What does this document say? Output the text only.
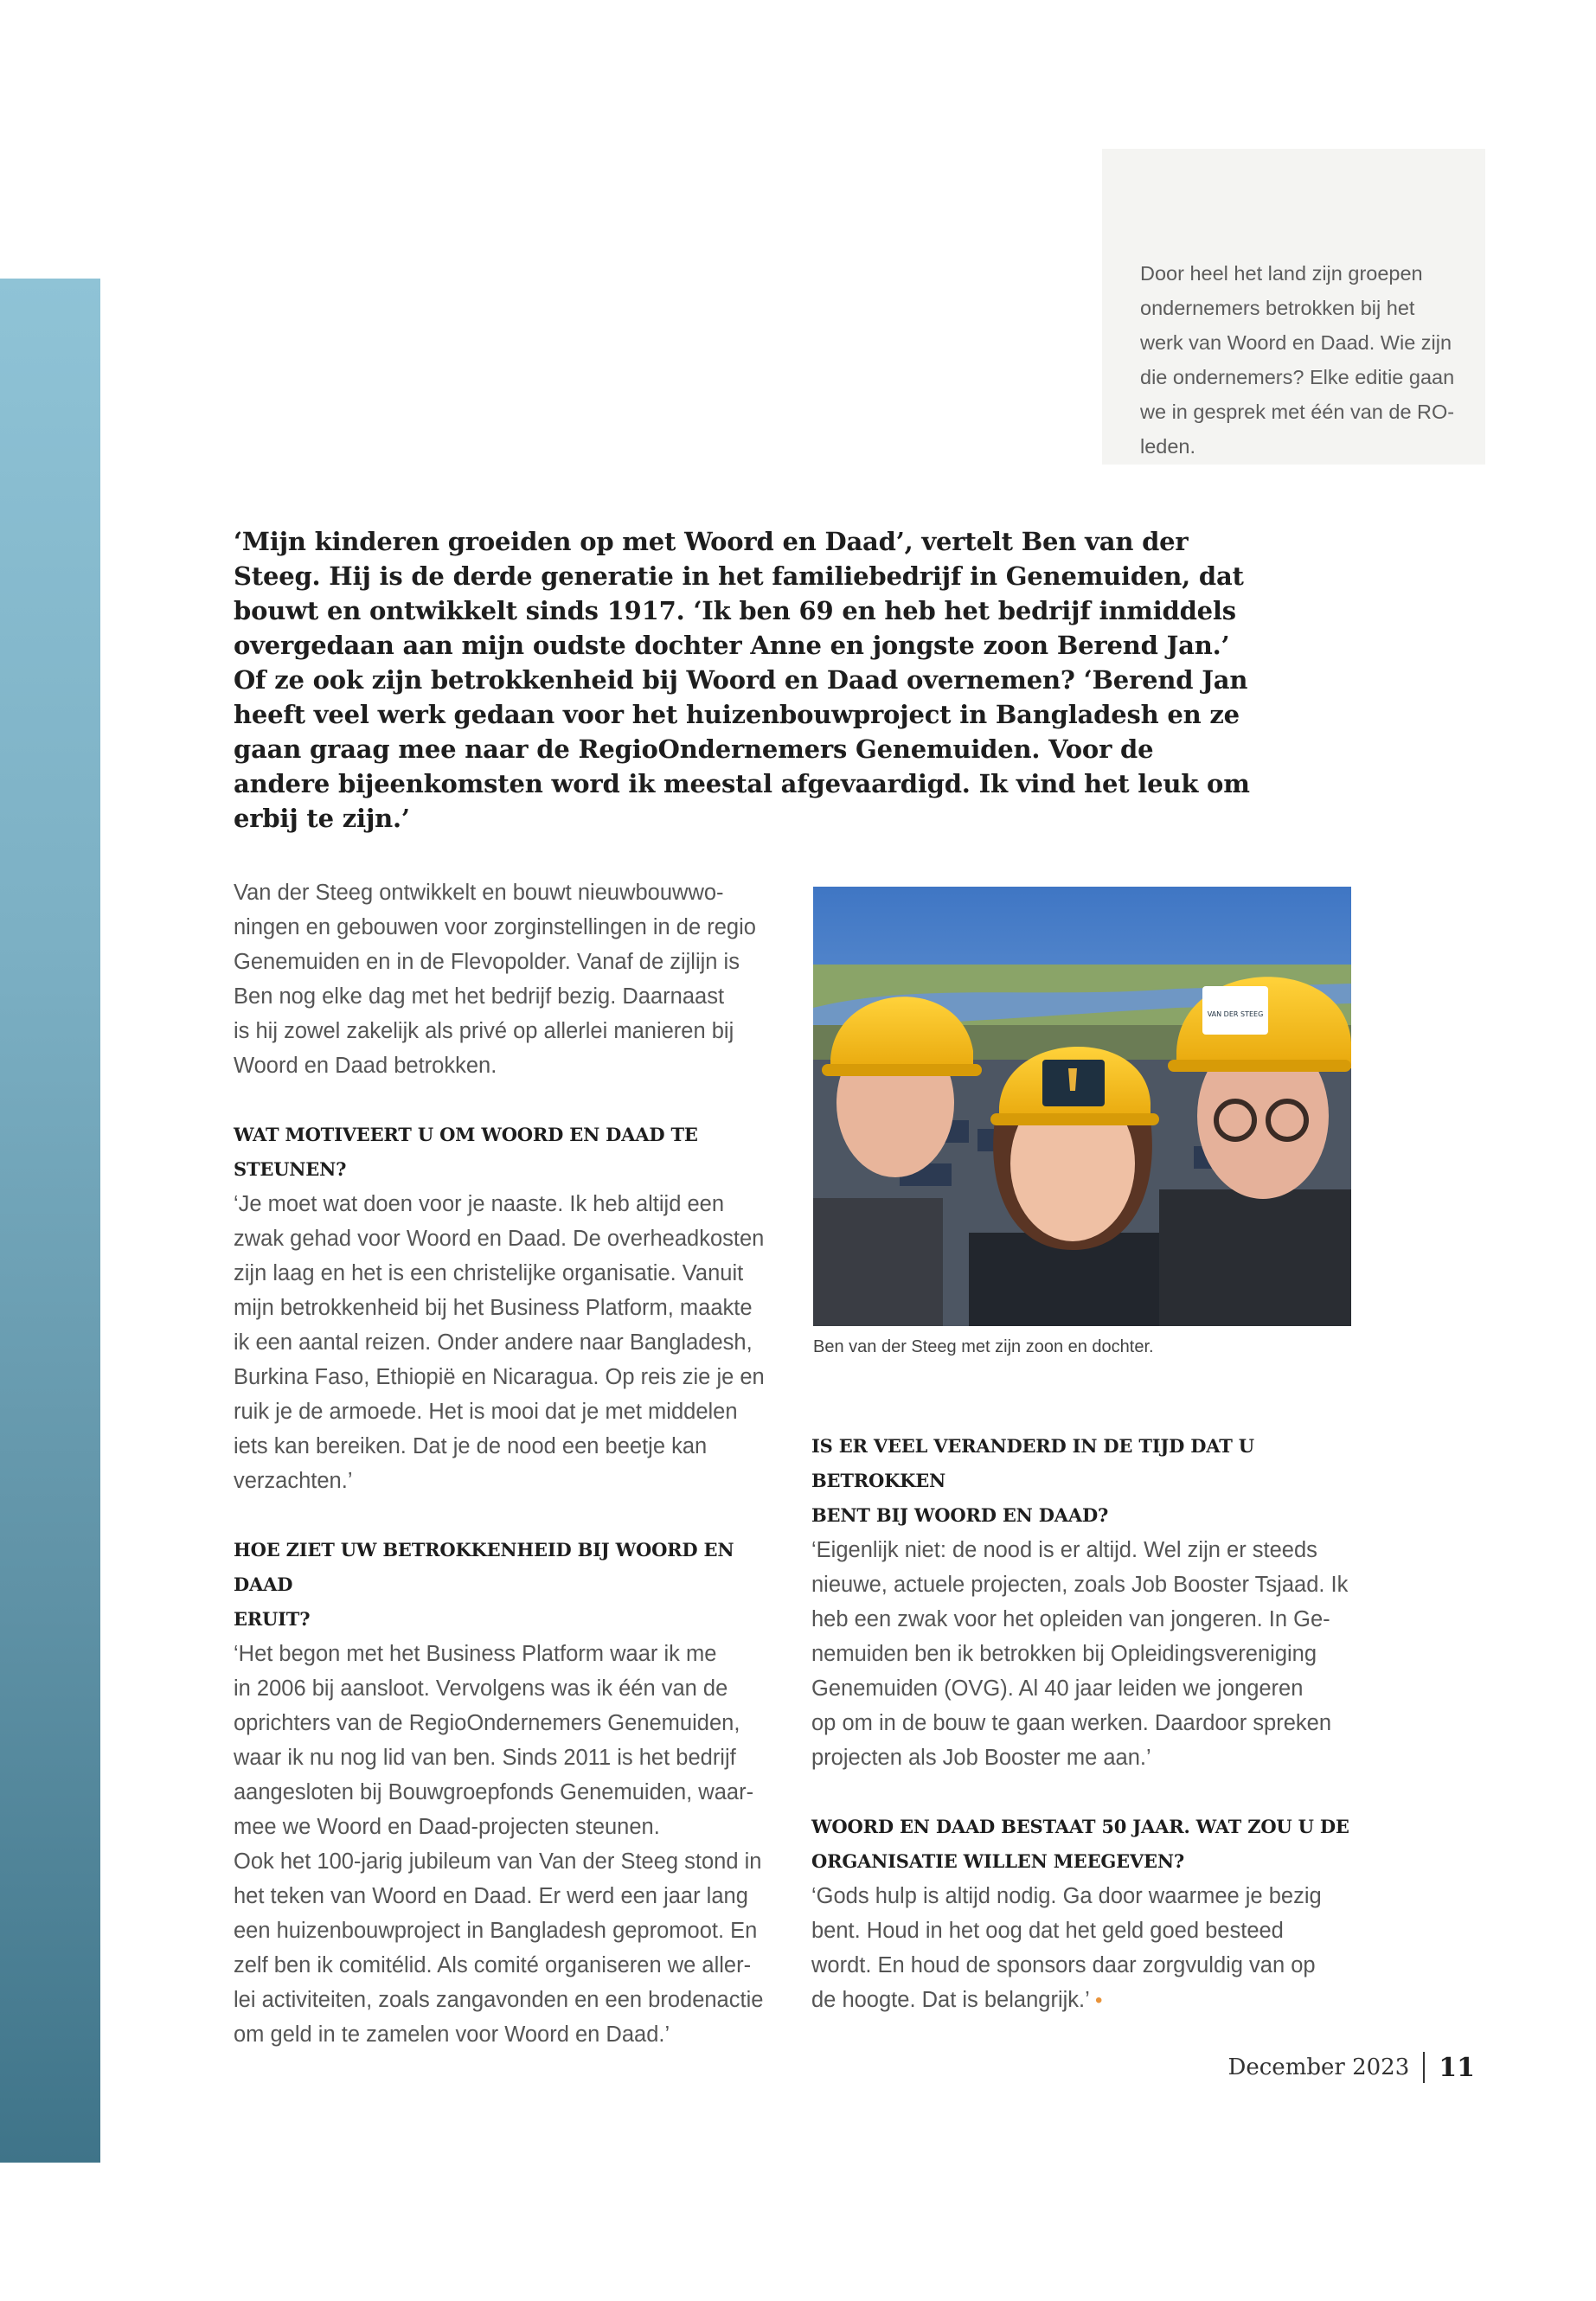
Door heel het land zijn groepen ondernemers betrokken bij het werk van Woord en Daad. Wie zijn die ondernemers? Elke editie gaan we in gesprek met één van de RO-leden.

‘Mijn kinderen groeiden op met Woord en Daad’, vertelt Ben van der Steeg. Hij is de derde generatie in het familiebedrijf in Genemuiden, dat bouwt en ontwikkelt sinds 1917. ‘Ik ben 69 en heb het bedrijf inmiddels overgedaan aan mijn oudste dochter Anne en jongste zoon Berend Jan.’ Of ze ook zijn betrokkenheid bij Woord en Daad overnemen? ‘Berend Jan heeft veel werk gedaan voor het huizenbouwproject in Bangladesh en ze gaan graag mee naar de RegioOndernemers Genemuiden. Voor de andere bijeenkomsten word ik meestal afgevaardigd. Ik vind het leuk om erbij te zijn.’

Van der Steeg ontwikkelt en bouwt nieuwbouwwo-
ningen en gebouwen voor zorginstellingen in de regio
Genemuiden en in de Flevopolder. Vanaf de zijlijn is
Ben nog elke dag met het bedrijf bezig. Daarnaast
is hij zowel zakelijk als privé op allerlei manieren bij
Woord en Daad betrokken.

WAT MOTIVEERT U OM WOORD EN DAAD TE STEUNEN?

‘Je moet wat doen voor je naaste. Ik heb altijd een
zwak gehad voor Woord en Daad. De overheadkosten
zijn laag en het is een christelijke organisatie. Vanuit
mijn betrokkenheid bij het Business Platform, maakte
ik een aantal reizen. Onder andere naar Bangladesh,
Burkina Faso, Ethiopië en Nicaragua. Op reis zie je en
ruik je de armoede. Het is mooi dat je met middelen
iets kan bereiken. Dat je de nood een beetje kan
verzachten.’

HOE ZIET UW BETROKKENHEID BIJ WOORD EN DAAD
ERUIT?

‘Het begon met het Business Platform waar ik me
in 2006 bij aansloot. Vervolgens was ik één van de
oprichters van de RegioOndernemers Genemuiden,
waar ik nu nog lid van ben. Sinds 2011 is het bedrijf
aangesloten bij Bouwgroepfonds Genemuiden, waar-
mee we Woord en Daad-projecten steunen.
Ook het 100-jarig jubileum van Van der Steeg stond in
het teken van Woord en Daad. Er werd een jaar lang
een huizenbouwproject in Bangladesh gepromoot. En
zelf ben ik comitélid. Als comité organiseren we aller-
lei activiteiten, zoals zangavonden en een brodenactie
om geld in te zamelen voor Woord en Daad.’

VAN DER STEEG

Ben van der Steeg met zijn zoon en dochter.

IS ER VEEL VERANDERD IN DE TIJD DAT U BETROKKEN
BENT BIJ WOORD EN DAAD?

‘Eigenlijk niet: de nood is er altijd. Wel zijn er steeds
nieuwe, actuele projecten, zoals Job Booster Tsjaad. Ik
heb een zwak voor het opleiden van jongeren. In Ge-
nemuiden ben ik betrokken bij Opleidingsvereniging
Genemuiden (OVG). Al 40 jaar leiden we jongeren
op om in de bouw te gaan werken. Daardoor spreken
projecten als Job Booster me aan.’

WOORD EN DAAD BESTAAT 50 JAAR. WAT ZOU U DE
ORGANISATIE WILLEN MEEGEVEN?

‘Gods hulp is altijd nodig. Ga door waarmee je bezig
bent. Houd in het oog dat het geld goed besteed
wordt. En houd de sponsors daar zorgvuldig van op
de hoogte. Dat is belangrijk.’ •

December 2023 11
